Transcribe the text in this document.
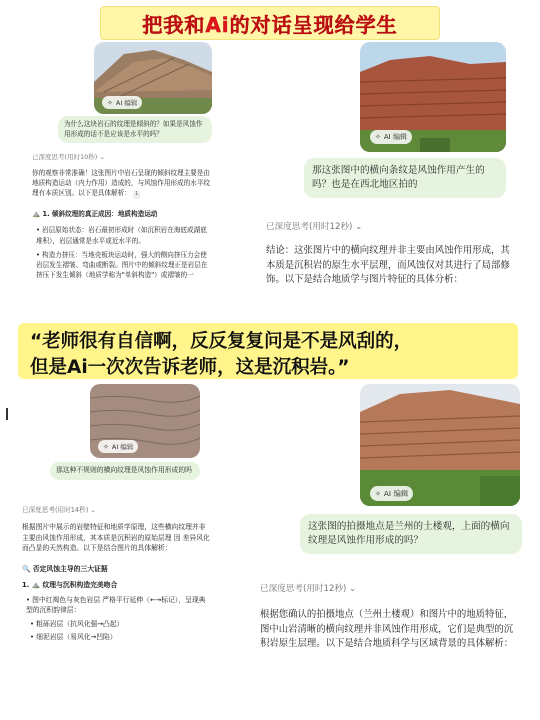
把我和Ai的对话呈现给学生
✧ AI 编辑
为什么这块岩石的纹理是倾斜的？如果是风蚀作用形成的话不是应该是水平的吗？
已深度思考(用时10秒) ⌄
你的观察非常准确！这张图片中岩石呈现的倾斜纹理主要是由地质构造运动（内力作用）造成的，与风蚀作用形成的水平纹理有本质区别。以下是具体解析： 1
⛰️ 1. 倾斜纹理的真正成因：地质构造运动
• 岩层原始状态：岩石最初形成时（如沉积岩在海底或湖底堆积），岩层通常是水平或近水平的。
• 构造力挤压：当地壳板块运动时，强大的侧向挤压力会使岩层发生褶皱、弯曲或断裂。图片中的倾斜纹理正是岩层在挤压下发生倾斜（地质学称为"单斜构造"）或褶皱的一
✧ AI 编辑
那这张图中的横向条纹是风蚀作用产生的吗？也是在西北地区拍的
已深度思考(用时12秒) ⌄
结论：这张图片中的横向纹理并非主要由风蚀作用形成，其本质是沉积岩的原生水平层理，而风蚀仅对其进行了局部修饰。以下是结合地质学与图片特征的具体分析：
“老师很有自信啊，反反复复问是不是风刮的，
但是Ai一次次告诉老师，这是沉积岩。”
✧ AI 编辑
那这种不规则的横向纹理是风蚀作用形成的吗
已深度思考(用时14秒) ⌄
根据图片中展示的岩壁特征和地质学原理，这些横向纹理并非主要由风蚀作用形成，其本质是沉积岩的原始层理 因 差异风化 而凸显的天然构造。以下是结合图片的具体解析：
🔍 否定风蚀主导的三大证据
1. ⛰️ 纹理与沉积构造完美吻合
• 图中红褐色与灰色岩层 严格平行延伸（←→标记），呈现典型的沉积韵律层：
• 粗砾岩层（抗风化强→凸起）
• 细泥岩层（易风化→凹陷）
✧ AI 编辑
这张图的拍摄地点是兰州的土楼观，上面的横向纹理是风蚀作用形成的吗？
已深度思考(用时12秒) ⌄
根据您确认的拍摄地点（兰州土楼观）和图片中的地质特征，图中山岩清晰的横向纹理并非风蚀作用形成，它们是典型的沉积岩原生层理。以下是结合地质科学与区域背景的具体解析：
